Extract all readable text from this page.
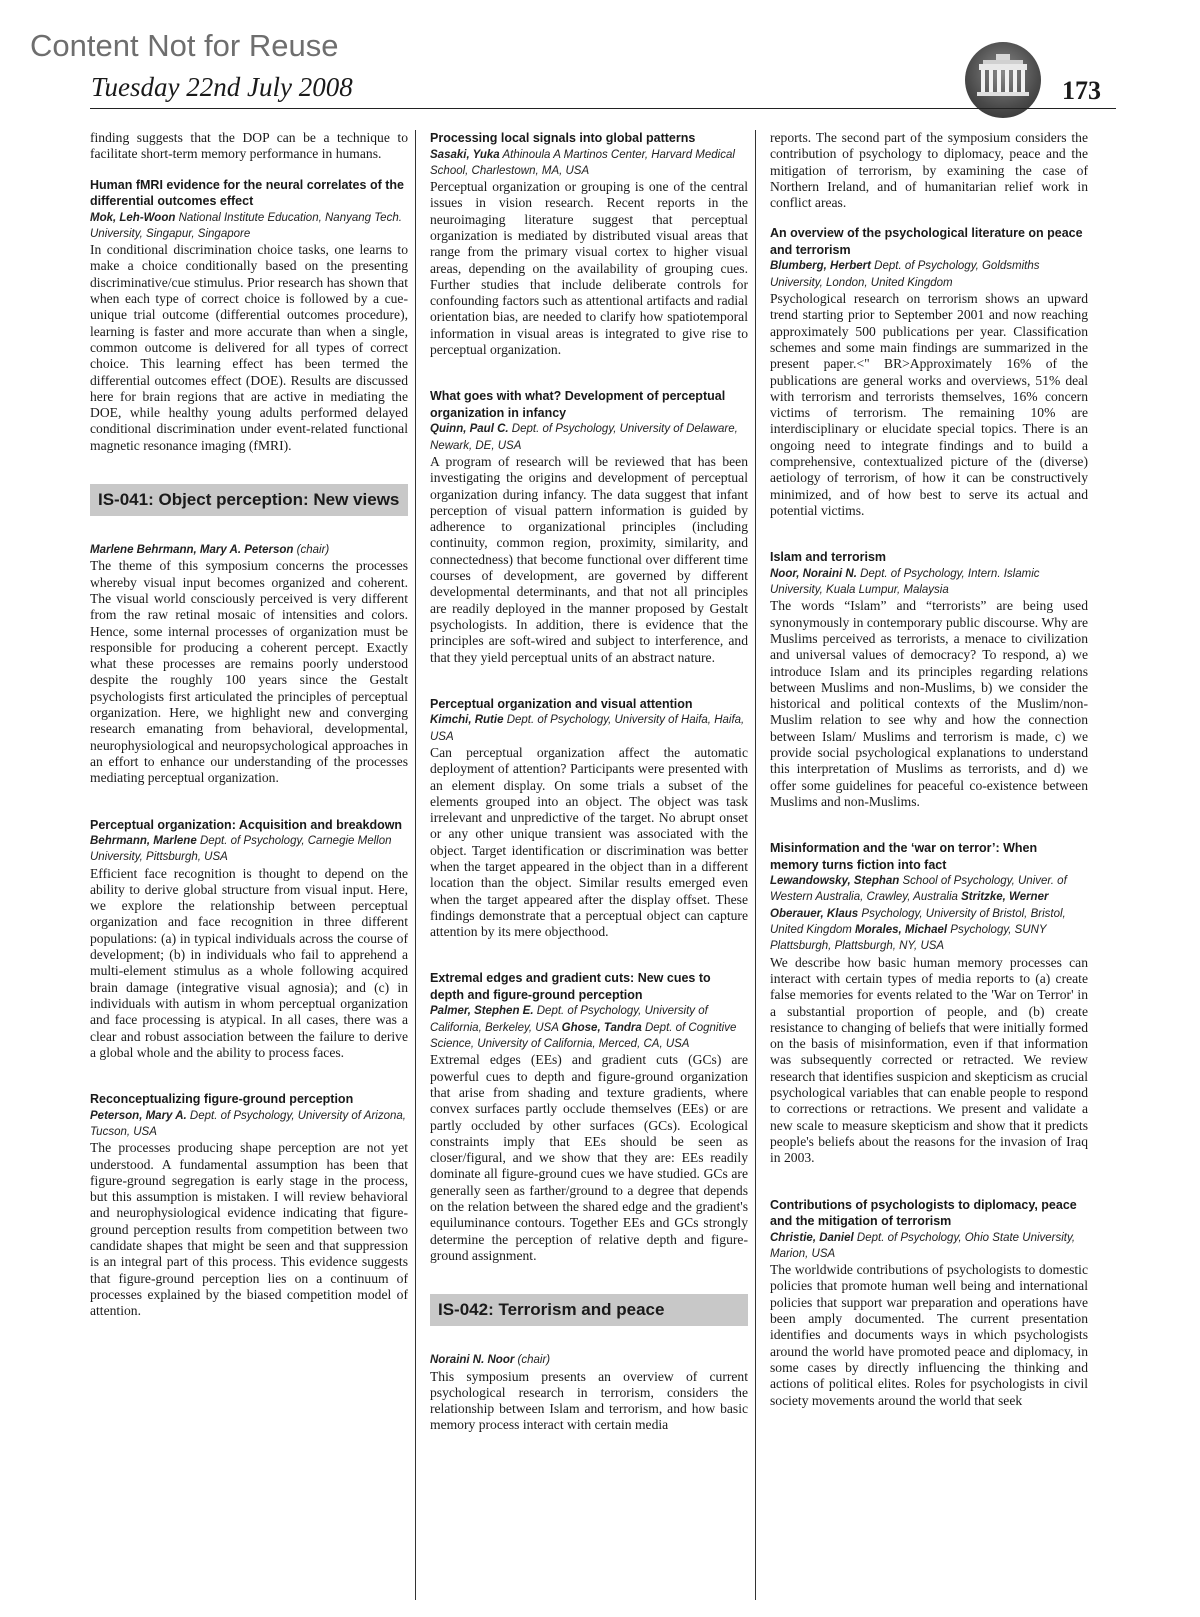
Content Not for Reuse
Tuesday 22nd July 2008	173

finding suggests that the DOP can be a technique to facilitate short-term memory performance in humans.

Human fMRI evidence for the neural correlates of the differential outcomes effect

Mok, Leh-Woon National Institute Education, Nanyang Tech. University, Singapur, Singapore

In conditional discrimination choice tasks, one learns to make a choice conditionally based on the presenting discriminative/cue stimulus. Prior research has shown that when each type of correct choice is followed by a cue-unique trial outcome (differential outcomes procedure), learning is faster and more accurate than when a single, common outcome is delivered for all types of correct choice. This learning effect has been termed the differential outcomes effect (DOE). Results are discussed here for brain regions that are active in mediating the DOE, while healthy young adults performed delayed conditional discrimination under event-related functional magnetic resonance imaging (fMRI).

IS-041: Object perception: New views

Marlene Behrmann, Mary A. Peterson (chair)

The theme of this symposium concerns the processes whereby visual input becomes organized and coherent. The visual world consciously perceived is very different from the raw retinal mosaic of intensities and colors. Hence, some internal processes of organization must be responsible for producing a coherent percept. Exactly what these processes are remains poorly understood despite the roughly 100 years since the Gestalt psychologists first articulated the principles of perceptual organization. Here, we highlight new and converging research emanating from behavioral, developmental, neurophysiological and neuropsychological approaches in an effort to enhance our understanding of the processes mediating perceptual organization.

Perceptual organization: Acquisition and breakdown

Behrmann, Marlene Dept. of Psychology, Carnegie Mellon University, Pittsburgh, USA

Efficient face recognition is thought to depend on the ability to derive global structure from visual input. Here, we explore the relationship between perceptual organization and face recognition in three different populations: (a) in typical individuals across the course of development; (b) in individuals who fail to apprehend a multi-element stimulus as a whole following acquired brain damage (integrative visual agnosia); and (c) in individuals with autism in whom perceptual organization and face processing is atypical. In all cases, there was a clear and robust association between the failure to derive a global whole and the ability to process faces.

Reconceptualizing figure-ground perception

Peterson, Mary A. Dept. of Psychology, University of Arizona, Tucson, USA

The processes producing shape perception are not yet understood. A fundamental assumption has been that figure-ground segregation is early stage in the process, but this assumption is mistaken. I will review behavioral and neurophysiological evidence indicating that figure-ground perception results from competition between two candidate shapes that might be seen and that suppression is an integral part of this process. This evidence suggests that figure-ground perception lies on a continuum of processes explained by the biased competition model of attention.

Processing local signals into global patterns

Sasaki, Yuka Athinoula A Martinos Center, Harvard Medical School, Charlestown, MA, USA

Perceptual organization or grouping is one of the central issues in vision research. Recent reports in the neuroimaging literature suggest that perceptual organization is mediated by distributed visual areas that range from the primary visual cortex to higher visual areas, depending on the availability of grouping cues. Further studies that include deliberate controls for confounding factors such as attentional artifacts and radial orientation bias, are needed to clarify how spatiotemporal information in visual areas is integrated to give rise to perceptual organization.

What goes with what? Development of perceptual organization in infancy

Quinn, Paul C. Dept. of Psychology, University of Delaware, Newark, DE, USA

A program of research will be reviewed that has been investigating the origins and development of perceptual organization during infancy. The data suggest that infant perception of visual pattern information is guided by adherence to organizational principles (including continuity, common region, proximity, similarity, and connectedness) that become functional over different time courses of development, are governed by different developmental determinants, and that not all principles are readily deployed in the manner proposed by Gestalt psychologists. In addition, there is evidence that the principles are soft-wired and subject to interference, and that they yield perceptual units of an abstract nature.

Perceptual organization and visual attention

Kimchi, Rutie Dept. of Psychology, University of Haifa, Haifa, USA

Can perceptual organization affect the automatic deployment of attention? Participants were presented with an element display. On some trials a subset of the elements grouped into an object. The object was task irrelevant and unpredictive of the target. No abrupt onset or any other unique transient was associated with the object. Target identification or discrimination was better when the target appeared in the object than in a different location than the object. Similar results emerged even when the target appeared after the display offset. These findings demonstrate that a perceptual object can capture attention by its mere objecthood.

Extremal edges and gradient cuts: New cues to depth and figure-ground perception

Palmer, Stephen E. Dept. of Psychology, University of California, Berkeley, USA Ghose, Tandra Dept. of Cognitive Science, University of California, Merced, CA, USA

Extremal edges (EEs) and gradient cuts (GCs) are powerful cues to depth and figure-ground organization that arise from shading and texture gradients, where convex surfaces partly occlude themselves (EEs) or are partly occluded by other surfaces (GCs). Ecological constraints imply that EEs should be seen as closer/figural, and we show that they are: EEs readily dominate all figure-ground cues we have studied. GCs are generally seen as farther/ground to a degree that depends on the relation between the shared edge and the gradient's equiluminance contours. Together EEs and GCs strongly determine the perception of relative depth and figure-ground assignment.

IS-042: Terrorism and peace

Noraini N. Noor (chair)

This symposium presents an overview of current psychological research in terrorism, considers the relationship between Islam and terrorism, and how basic memory process interact with certain media

reports. The second part of the symposium considers the contribution of psychology to diplomacy, peace and the mitigation of terrorism, by examining the case of Northern Ireland, and of humanitarian relief work in conflict areas.

An overview of the psychological literature on peace and terrorism

Blumberg, Herbert Dept. of Psychology, Goldsmiths University, London, United Kingdom

Psychological research on terrorism shows an upward trend starting prior to September 2001 and now reaching approximately 500 publications per year. Classification schemes and some main findings are summarized in the present paper.<" BR>Approximately 16% of the publications are general works and overviews, 51% deal with terrorism and terrorists themselves, 16% concern victims of terrorism. The remaining 10% are interdisciplinary or elucidate special topics. There is an ongoing need to integrate findings and to build a comprehensive, contextualized picture of the (diverse) aetiology of terrorism, of how it can be constructively minimized, and of how best to serve its actual and potential victims.

Islam and terrorism

Noor, Noraini N. Dept. of Psychology, Intern. Islamic University, Kuala Lumpur, Malaysia

The words “Islam” and “terrorists” are being used synonymously in contemporary public discourse. Why are Muslims perceived as terrorists, a menace to civilization and universal values of democracy? To respond, a) we introduce Islam and its principles regarding relations between Muslims and non-Muslims, b) we consider the historical and political contexts of the Muslim/non-Muslim relation to see why and how the connection between Islam/ Muslims and terrorism is made, c) we provide social psychological explanations to understand this interpretation of Muslims as terrorists, and d) we offer some guidelines for peaceful co-existence between Muslims and non-Muslims.

Misinformation and the ‘war on terror’: When memory turns fiction into fact

Lewandowsky, Stephan School of Psychology, Univer. of Western Australia, Crawley, Australia Stritzke, Werner Oberauer, Klaus Psychology, University of Bristol, Bristol, United Kingdom Morales, Michael Psychology, SUNY Plattsburgh, Plattsburgh, NY, USA

We describe how basic human memory processes can interact with certain types of media reports to (a) create false memories for events related to the 'War on Terror' in a substantial proportion of people, and (b) create resistance to changing of beliefs that were initially formed on the basis of misinformation, even if that information was subsequently corrected or retracted. We review research that identifies suspicion and skepticism as crucial psychological variables that can enable people to respond to corrections or retractions. We present and validate a new scale to measure skepticism and show that it predicts people's beliefs about the reasons for the invasion of Iraq in 2003.

Contributions of psychologists to diplomacy, peace and the mitigation of terrorism

Christie, Daniel Dept. of Psychology, Ohio State University, Marion, USA

The worldwide contributions of psychologists to domestic policies that promote human well being and international policies that support war preparation and operations have been amply documented. The current presentation identifies and documents ways in which psychologists around the world have promoted peace and diplomacy, in some cases by directly influencing the thinking and actions of political elites. Roles for psychologists in civil society movements around the world that seek
